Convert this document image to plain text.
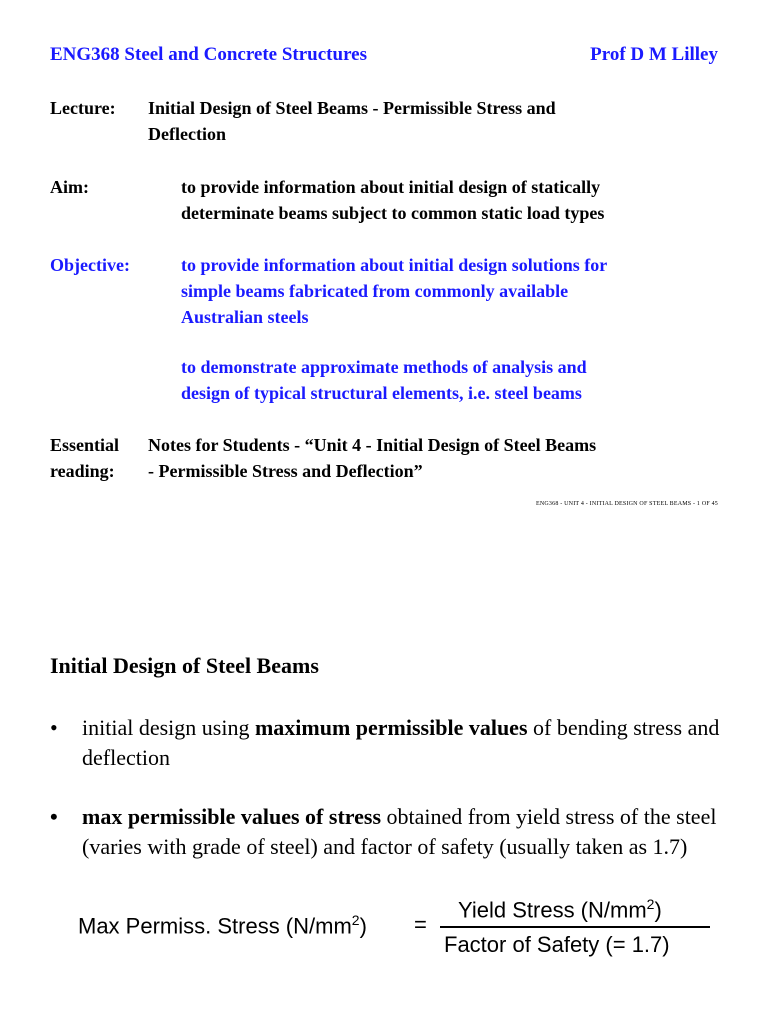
ENG368 Steel and Concrete Structures	Prof D M Lilley
Lecture: Initial Design of Steel Beams - Permissible Stress and
Deflection
Aim:	to provide information about initial design of statically
determinate beams subject to common static load types
Objective:	to provide information about initial design solutions for
simple beams fabricated from commonly available
Australian steels
to demonstrate approximate methods of analysis and
design of typical structural elements, i.e. steel beams
Essential
reading:
Notes for Students - “Unit 4 - Initial Design of Steel Beams
- Permissible Stress and Deflection”
ENG368 - UNIT 4 - INITIAL DESIGN OF STEEL BEAMS - 1 OF 45
Initial Design of Steel Beams
•	initial design using maximum permissible values of bending stress and deflection
•	max permissible values of stress obtained from yield stress of the steel (varies with grade of steel) and factor of safety (usually taken as 1.7)
Max Permiss. Stress $(N/mm^2)$ =
Yield Stress $(N/mm^2)$
Factor of Safety (= 1.7)
